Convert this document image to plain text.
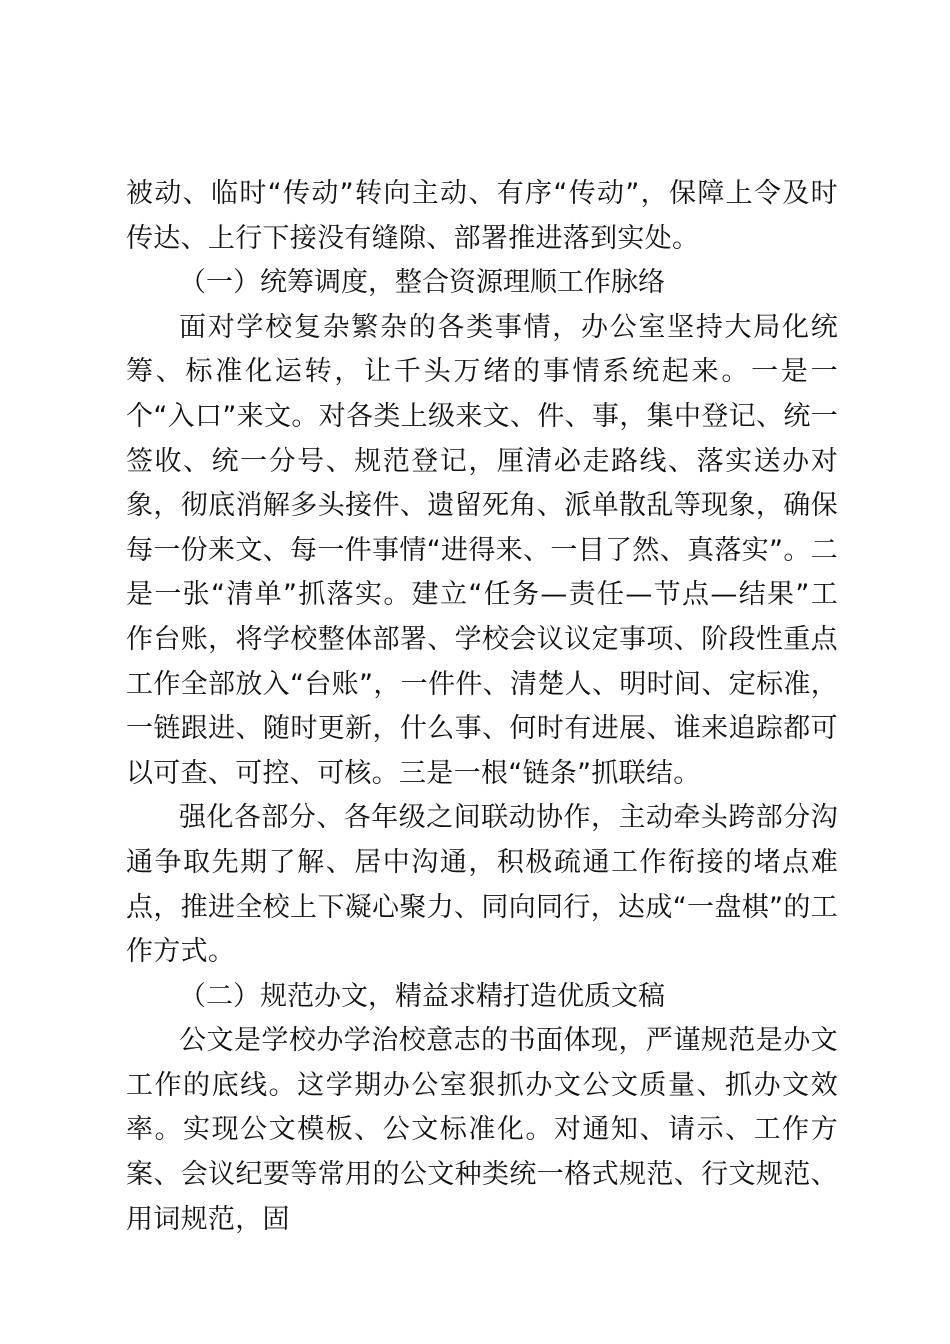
被动、临时“传动”转向主动、有序“传动”，保障上令及时传达、上行下接没有缝隙、部署推进落到实处。

（一）统筹调度，整合资源理顺工作脉络

面对学校复杂繁杂的各类事情，办公室坚持大局化统筹、标准化运转，让千头万绪的事情系统起来。一是一个“入口”来文。对各类上级来文、件、事，集中登记、统一签收、统一分号、规范登记，厘清必走路线、落实送办对象，彻底消解多头接件、遗留死角、派单散乱等现象，确保每一份来文、每一件事情“进得来、一目了然、真落实”。二是一张“清单”抓落实。建立“任务—责任—节点—结果”工作台账，将学校整体部署、学校会议议定事项、阶段性重点工作全部放入“台账”，一件件、清楚人、明时间、定标准，一链跟进、随时更新，什么事、何时有进展、谁来追踪都可以可查、可控、可核。三是一根“链条”抓联结。

强化各部分、各年级之间联动协作，主动牵头跨部分沟通争取先期了解、居中沟通，积极疏通工作衔接的堵点难点，推进全校上下凝心聚力、同向同行，达成“一盘棋”的工作方式。

（二）规范办文，精益求精打造优质文稿

公文是学校办学治校意志的书面体现，严谨规范是办文工作的底线。这学期办公室狠抓办文公文质量、抓办文效率。实现公文模板、公文标准化。对通知、请示、工作方案、会议纪要等常用的公文种类统一格式规范、行文规范、用词规范，固
